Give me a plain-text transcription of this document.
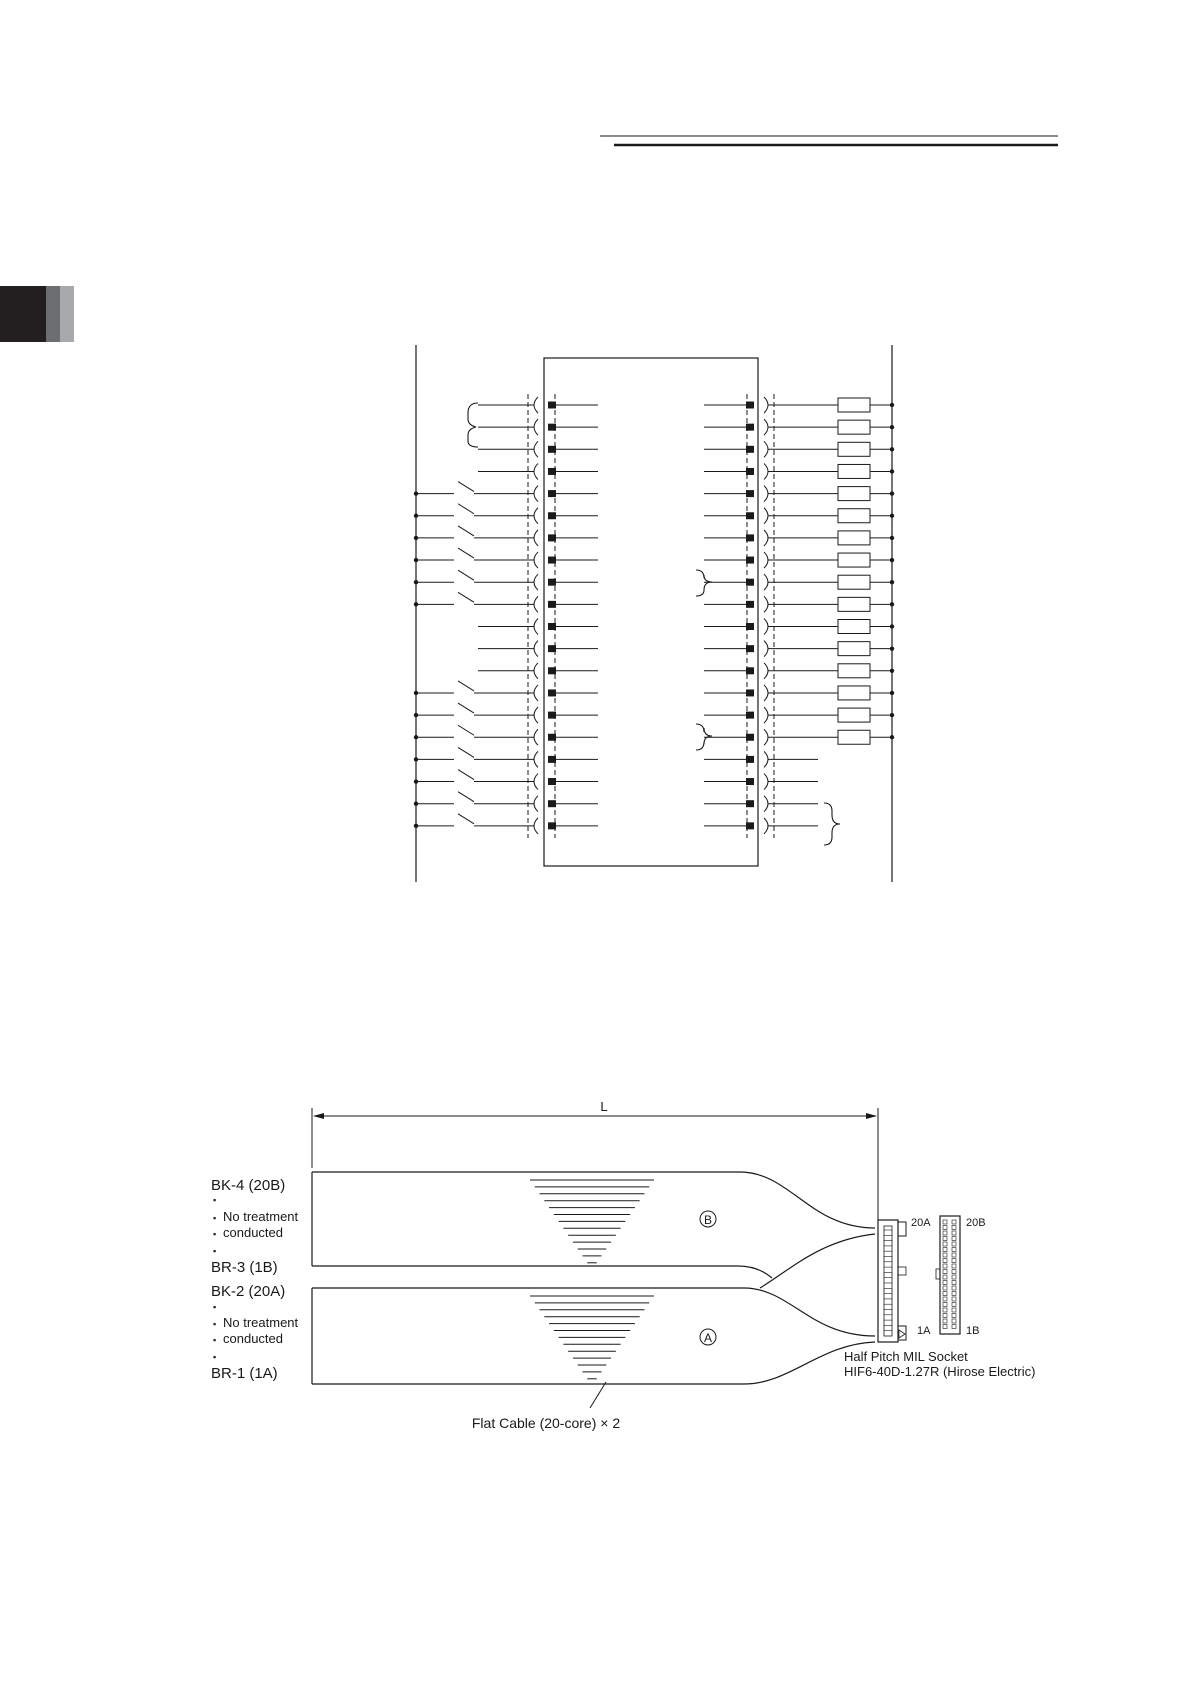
L
B
A
BK-4 (20B)
▪
▪ No treatment
▪ conducted
▪
BR-3 (1B)
BK-2 (20A)
▪
▪ No treatment
▪ conducted
▪
BR-1 (1A)
20A
1A
20B
1B
Half Pitch MIL Socket
HIF6-40D-1.27R (Hirose Electric)
Flat Cable (20-core) × 2
